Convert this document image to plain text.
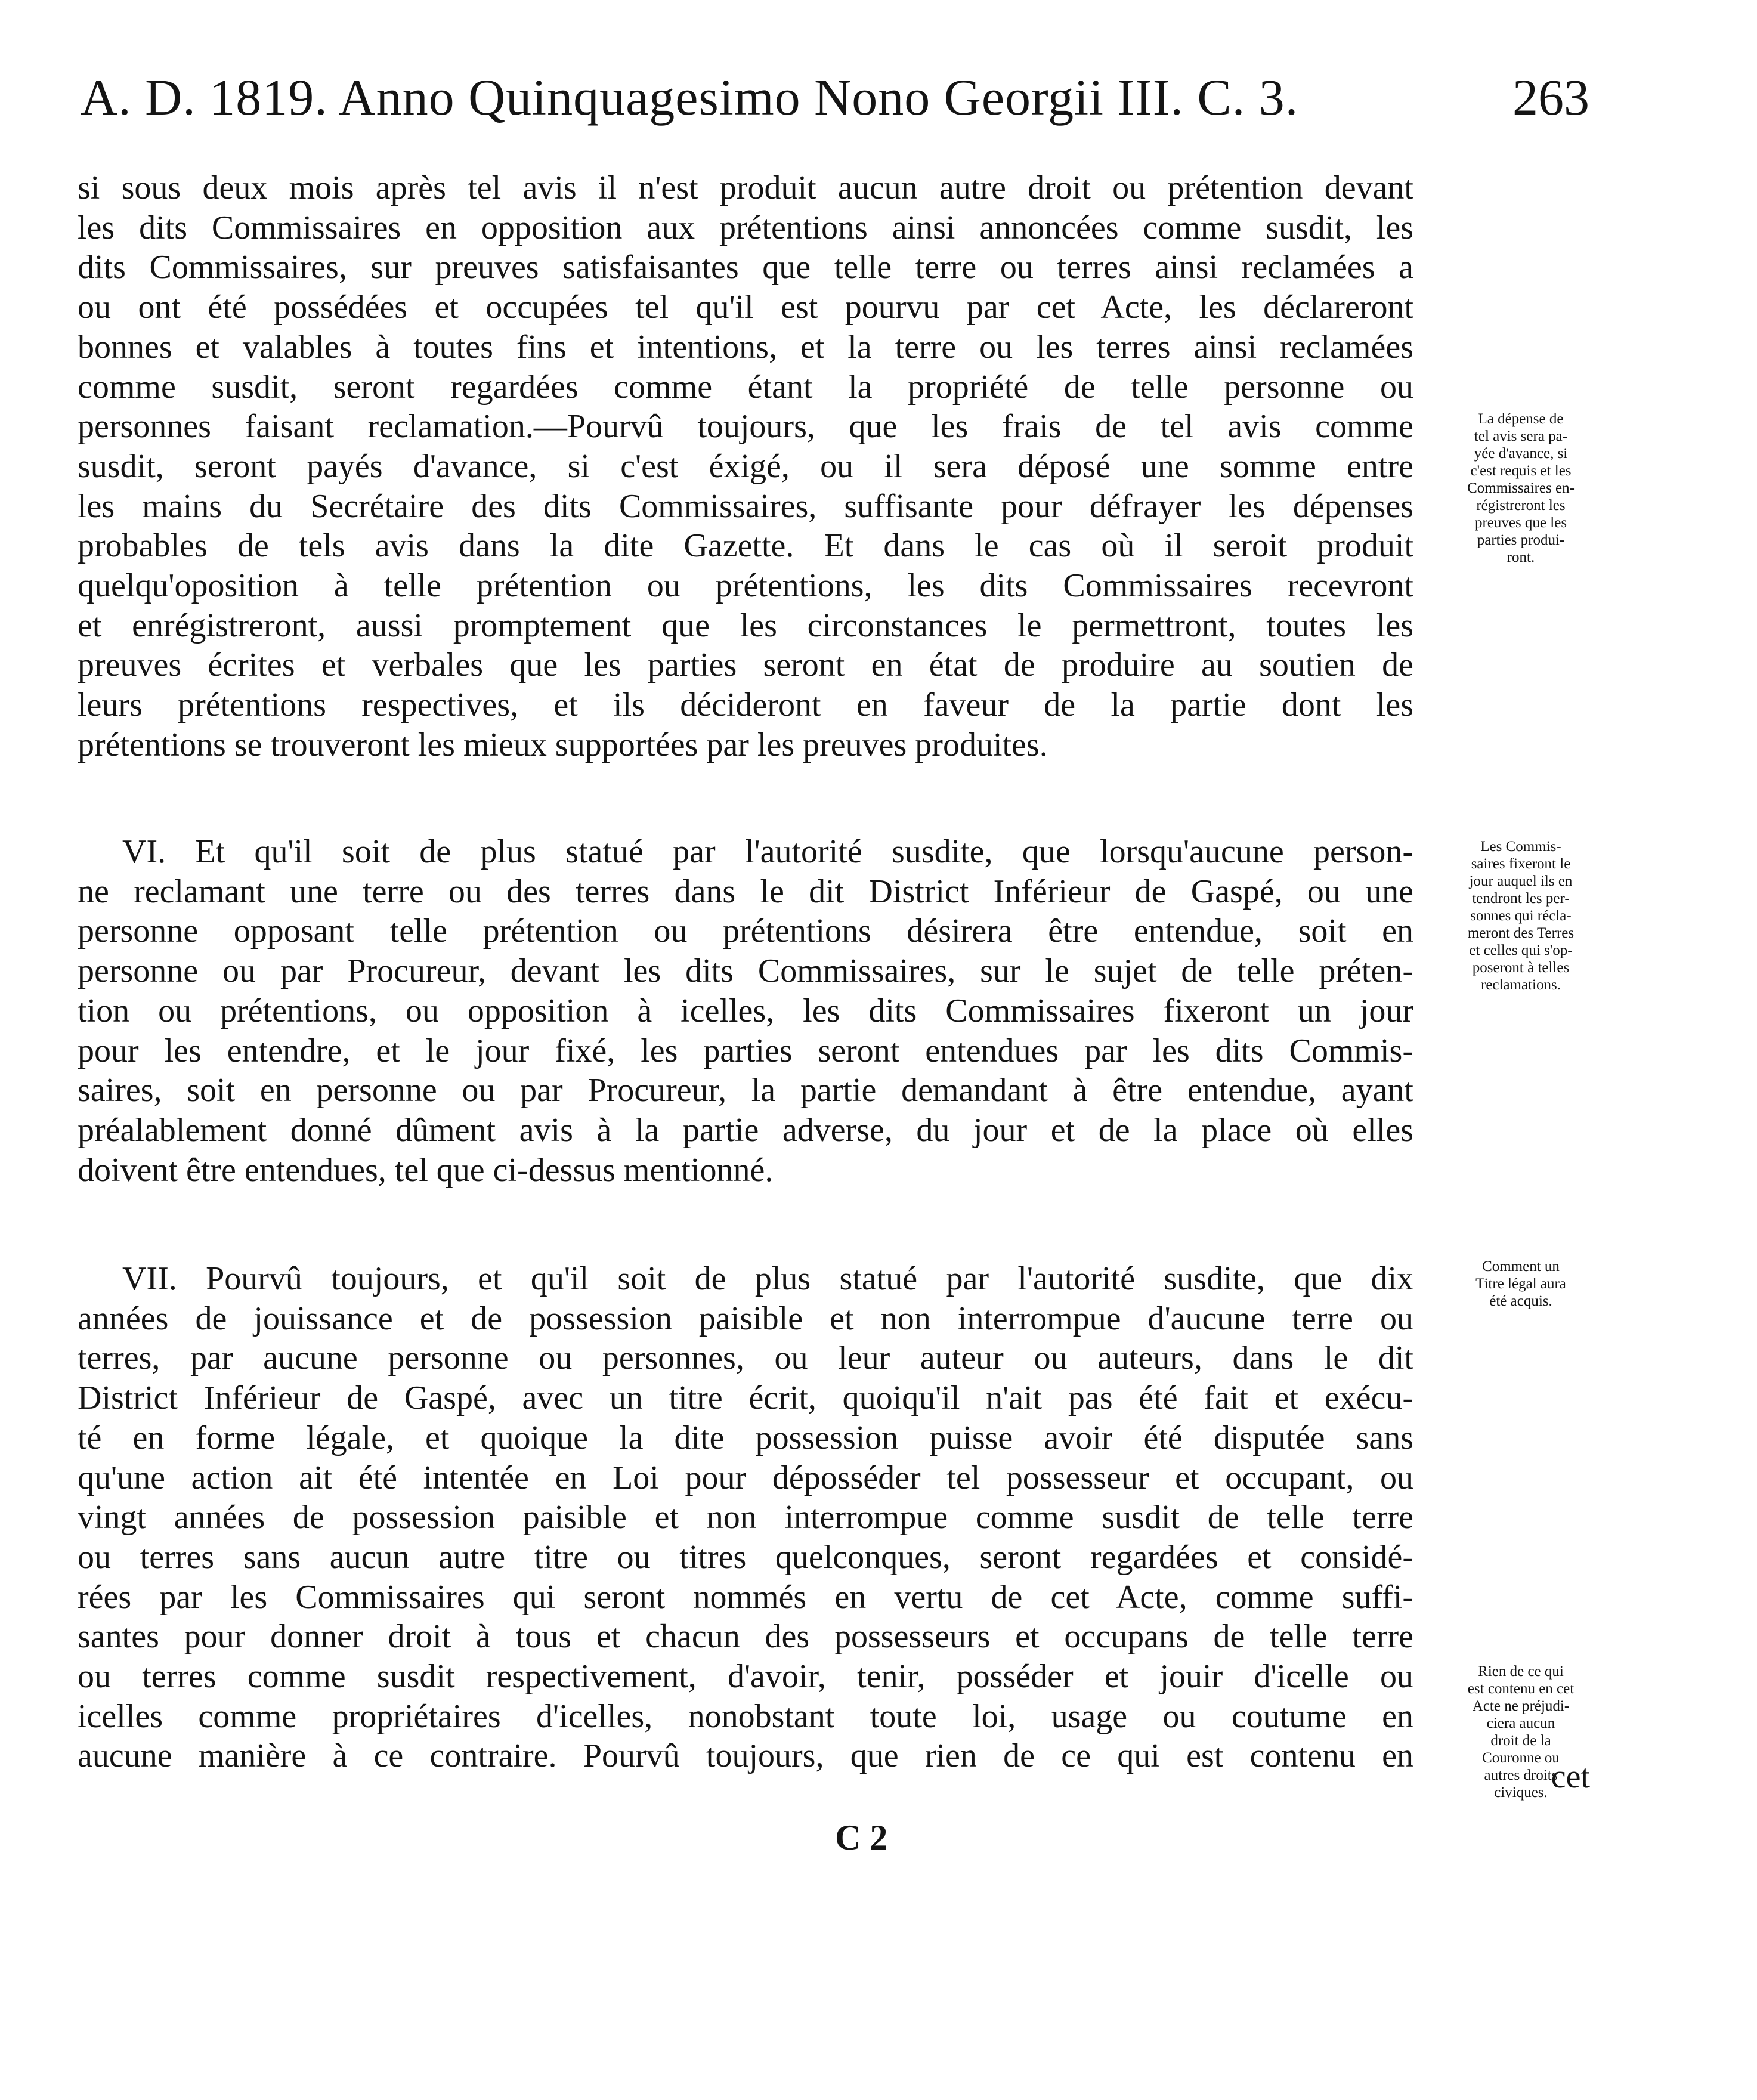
A. D. 1819. Anno Quinquagesimo Nono Georgii III. C. 3.	263
si sous deux mois après tel avis il n'est produit aucun autre droit ou prétention devant
les dits Commissaires en opposition aux prétentions ainsi annoncées comme susdit, les
dits Commissaires, sur preuves satisfaisantes que telle terre ou terres ainsi reclamées a
ou ont été possédées et occupées tel qu'il est pourvu par cet Acte, les déclareront
bonnes et valables à toutes fins et intentions, et la terre ou les terres ainsi reclamées
comme susdit, seront regardées comme étant la propriété de telle personne ou
personnes faisant reclamation.—Pourvû toujours, que les frais de tel avis comme
susdit, seront payés d'avance, si c'est éxigé, ou il sera déposé une somme entre
les mains du Secrétaire des dits Commissaires, suffisante pour défrayer les dépenses
probables de tels avis dans la dite Gazette. Et dans le cas où il seroit produit
quelqu'oposition à telle prétention ou prétentions, les dits Commissaires recevront
et enrégistreront, aussi promptement que les circonstances le permettront, toutes les
preuves écrites et verbales que les parties seront en état de produire au soutien de
leurs prétentions respectives, et ils décideront en faveur de la partie dont les
prétentions se trouveront les mieux supportées par les preuves produites.
VI. Et qu'il soit de plus statué par l'autorité susdite, que lorsqu'aucune person-
ne reclamant une terre ou des terres dans le dit District Inférieur de Gaspé, ou une
personne opposant telle prétention ou prétentions désirera être entendue, soit en
personne ou par Procureur, devant les dits Commissaires, sur le sujet de telle préten-
tion ou prétentions, ou opposition à icelles, les dits Commissaires fixeront un jour
pour les entendre, et le jour fixé, les parties seront entendues par les dits Commis-
saires, soit en personne ou par Procureur, la partie demandant à être entendue, ayant
préalablement donné dûment avis à la partie adverse, du jour et de la place où elles
doivent être entendues, tel que ci-dessus mentionné.
VII. Pourvû toujours, et qu'il soit de plus statué par l'autorité susdite, que dix
années de jouissance et de possession paisible et non interrompue d'aucune terre ou
terres, par aucune personne ou personnes, ou leur auteur ou auteurs, dans le dit
District Inférieur de Gaspé, avec un titre écrit, quoiqu'il n'ait pas été fait et exécu-
té en forme légale, et quoique la dite possession puisse avoir été disputée sans
qu'une action ait été intentée en Loi pour déposséder tel possesseur et occupant, ou
vingt années de possession paisible et non interrompue comme susdit de telle terre
ou terres sans aucun autre titre ou titres quelconques, seront regardées et considé-
rées par les Commissaires qui seront nommés en vertu de cet Acte, comme suffi-
santes pour donner droit à tous et chacun des possesseurs et occupans de telle terre
ou terres comme susdit respectivement, d'avoir, tenir, posséder et jouir d'icelle ou
icelles comme propriétaires d'icelles, nonobstant toute loi, usage ou coutume en
aucune manière à ce contraire. Pourvû toujours, que rien de ce qui est contenu en
La dépense de
tel avis sera pa-
yée d'avance, si
c'est requis et les
Commissaires en-
régistreront les
preuves que les
parties produi-
ront.
Les Commis-
saires fixeront le
jour auquel ils en
tendront les per-
sonnes qui récla-
meront des Terres
et celles qui s'op-
poseront à telles
reclamations.
Comment un
Titre légal aura
été acquis.
Rien de ce qui
est contenu en cet
Acte ne préjudi-
ciera aucun
droit de la
Couronne ou
autres droits
civiques. cet
C 2
